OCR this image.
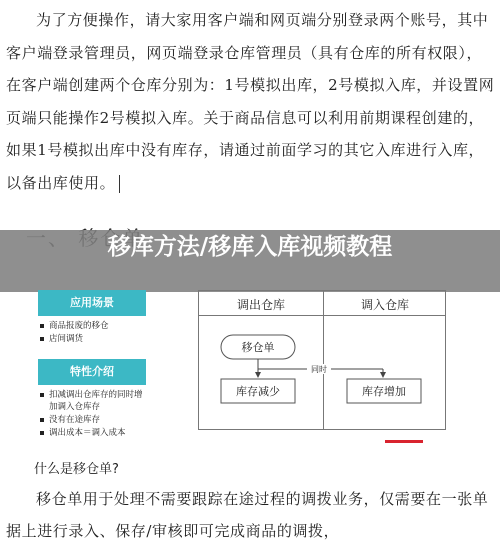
为了方便操作，请大家用客户端和网页端分别登录两个账号，其中客户端登录管理员，网页端登录仓库管理员（具有仓库的所有权限），在客户端创建两个仓库分别为：1号模拟出库，2号模拟入库，并设置网页端只能操作2号模拟入库。关于商品信息可以利用前期课程创建的，如果1号模拟出库中没有库存，请通过前面学习的其它入库进行入库，以备出库使用。
移库方法/移库入库视频教程
应用场景
商品报废的移仓
店间调货
特性介绍
扣减调出仓库存的同时增加调入仓库存
没有在途库存
调出成本＝调入成本
调出仓库	调入仓库
移仓单
同时
库存减少	库存增加
什么是移仓单?
移仓单用于处理不需要跟踪在途过程的调拨业务，仅需要在一张单据上进行录入、保存/审核即可完成商品的调拨，
